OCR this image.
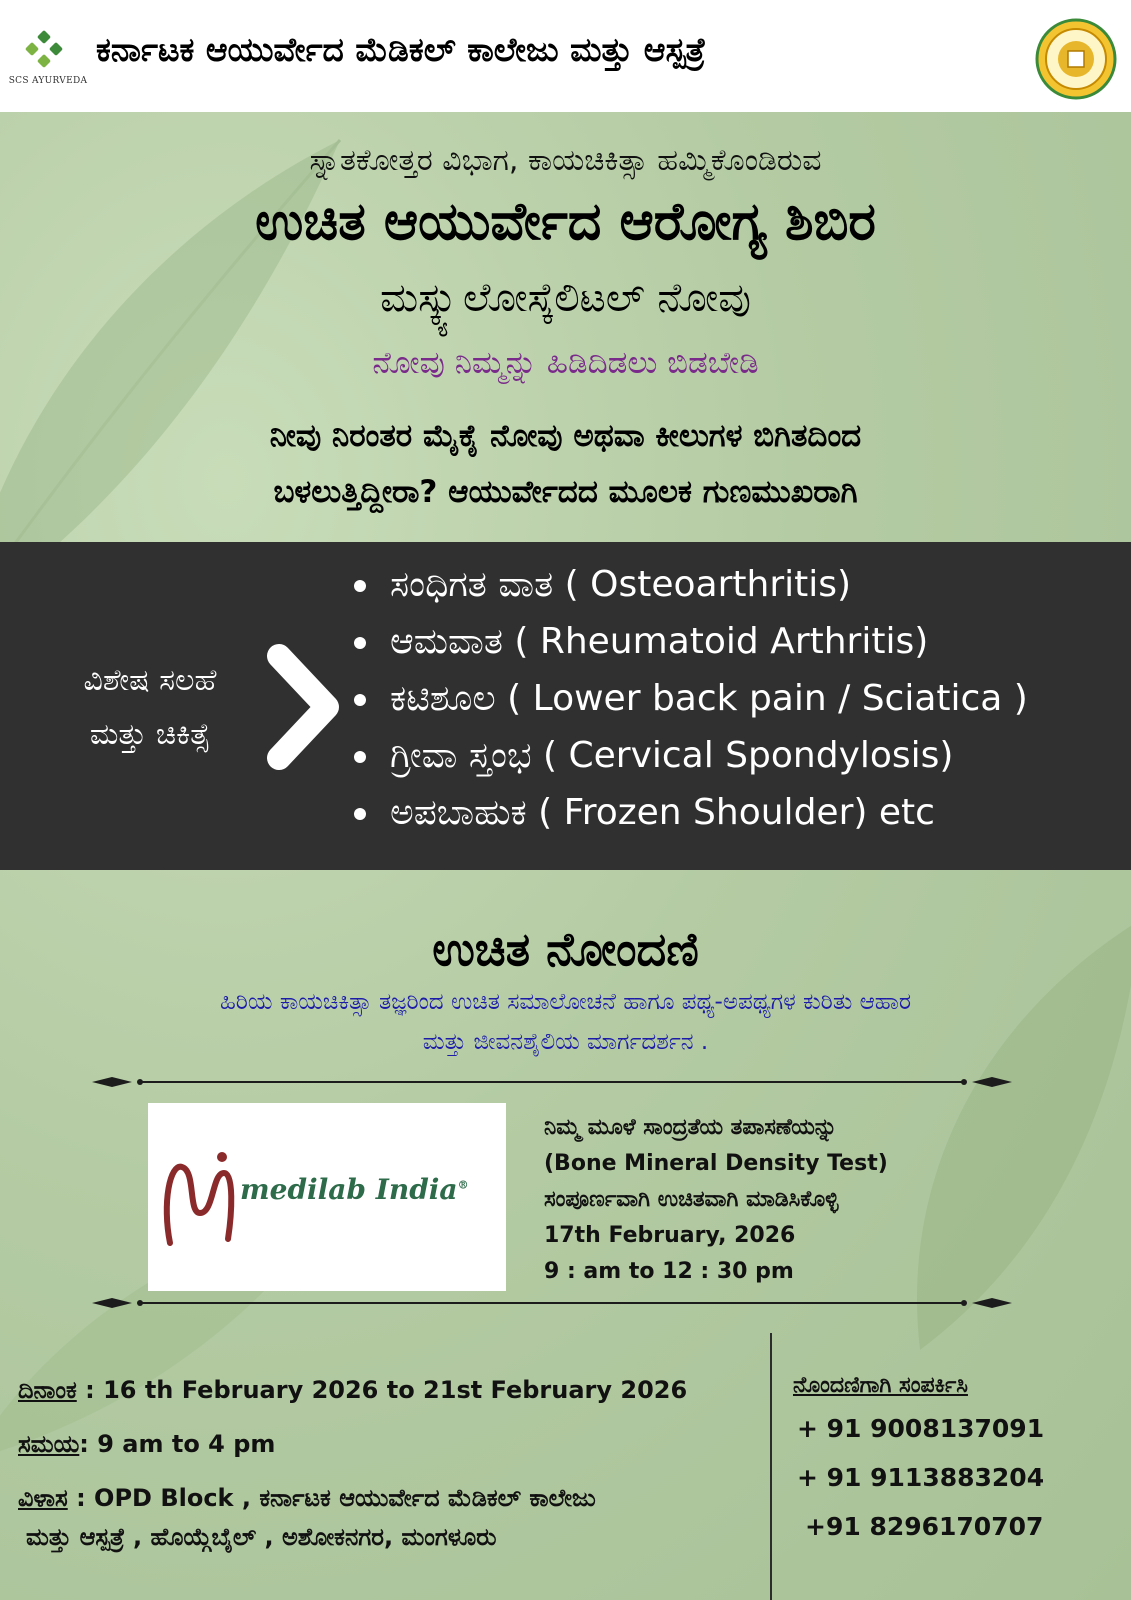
SCS AYURVEDA
ಕರ್ನಾಟಕ ಆಯುರ್ವೇದ ಮೆಡಿಕಲ್ ಕಾಲೇಜು ಮತ್ತು ಆಸ್ಪತ್ರೆ
ಸ್ನಾತಕೋತ್ತರ ವಿಭಾಗ, ಕಾಯಚಿಕಿತ್ಸಾ ಹಮ್ಮಿಕೊಂಡಿರುವ
ಉಚಿತ ಆಯುರ್ವೇದ ಆರೋಗ್ಯ ಶಿಬಿರ
ಮಸ್ಕ್ಯುಲೋಸ್ಕೆಲಿಟಲ್ ನೋವು
ನೋವು ನಿಮ್ಮನ್ನು ಹಿಡಿದಿಡಲು ಬಿಡಬೇಡಿ
ನೀವು ನಿರಂತರ ಮೈಕೈ ನೋವು ಅಥವಾ ಕೀಲುಗಳ ಬಿಗಿತದಿಂದ
ಬಳಲುತ್ತಿದ್ದೀರಾ? ಆಯುರ್ವೇದದ ಮೂಲಕ ಗುಣಮುಖರಾಗಿ
ವಿಶೇಷ ಸಲಹೆ
ಮತ್ತು ಚಿಕಿತ್ಸೆ
ಸಂಧಿಗತ ವಾತ ( Osteoarthritis)
ಆಮವಾತ ( Rheumatoid Arthritis)
ಕಟಿಶೂಲ ( Lower back pain / Sciatica )
ಗ್ರೀವಾ ಸ್ತಂಭ ( Cervical Spondylosis)
ಅಪಬಾಹುಕ ( Frozen Shoulder) etc
ಉಚಿತ ನೋಂದಣಿ
ಹಿರಿಯ ಕಾಯಚಿಕಿತ್ಸಾ ತಜ್ಞರಿಂದ ಉಚಿತ ಸಮಾಲೋಚನೆ ಹಾಗೂ ಪಥ್ಯ-ಅಪಥ್ಯಗಳ ಕುರಿತು ಆಹಾರ
ಮತ್ತು ಜೀವನಶೈಲಿಯ ಮಾರ್ಗದರ್ಶನ .
medilab India®
ನಿಮ್ಮ ಮೂಳೆ ಸಾಂದ್ರತೆಯ ತಪಾಸಣೆಯನ್ನು
(Bone Mineral Density Test)
ಸಂಪೂರ್ಣವಾಗಿ ಉಚಿತವಾಗಿ ಮಾಡಿಸಿಕೊಳ್ಳಿ
17th February, 2026
9 : am to 12 : 30 pm
ದಿನಾಂಕ : 16 th February 2026 to 21st February 2026
ಸಮಯ: 9 am to 4 pm
ವಿಳಾಸ : OPD Block , ಕರ್ನಾಟಕ ಆಯುರ್ವೇದ ಮೆಡಿಕಲ್ ಕಾಲೇಜು
ಮತ್ತು ಆಸ್ಪತ್ರೆ , ಹೊಯ್ಗೆಬೈಲ್ , ಅಶೋಕನಗರ, ಮಂಗಳೂರು
ನೊಂದಣಿಗಾಗಿ ಸಂಪರ್ಕಿಸಿ
+ 91 9008137091
+ 91 9113883204
+91 8296170707
